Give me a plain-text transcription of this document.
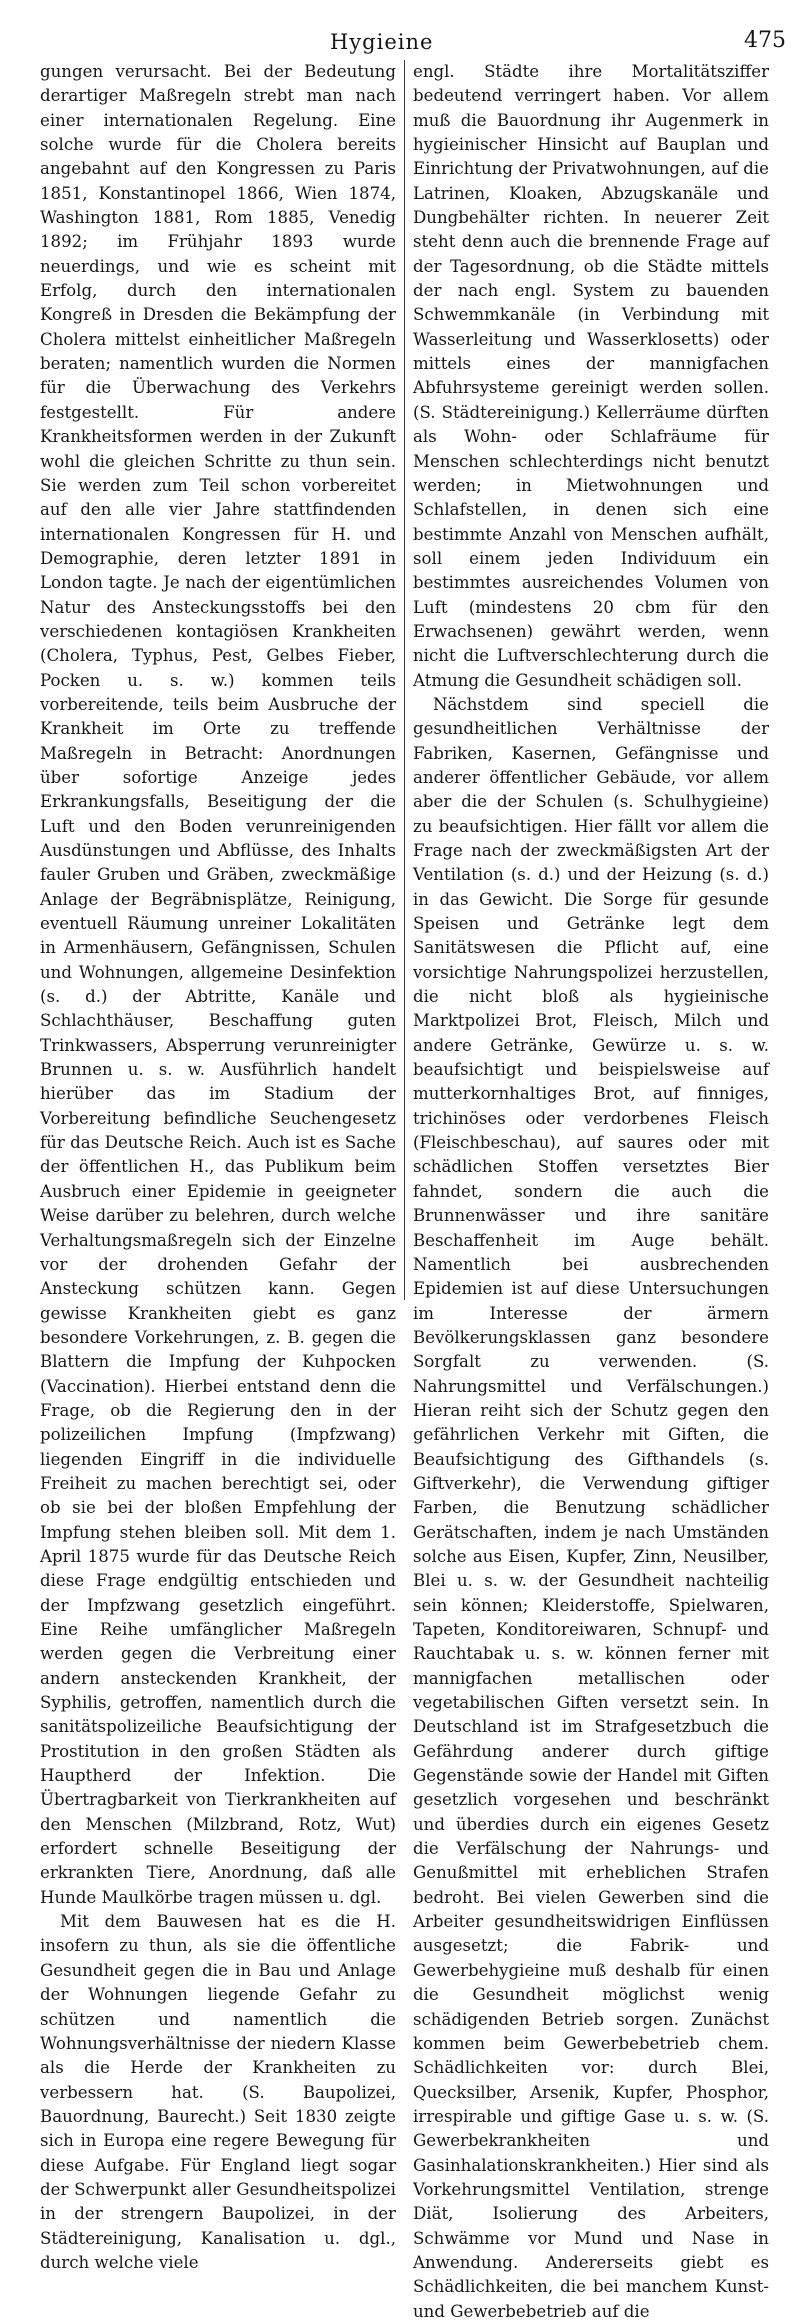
Hygieine	475

gungen verursacht. Bei der Bedeutung derartiger Maßregeln strebt man nach einer internationalen Regelung. Eine solche wurde für die Cholera bereits angebahnt auf den Kongressen zu Paris 1851, Konstantinopel 1866, Wien 1874, Washington 1881, Rom 1885, Venedig 1892; im Frühjahr 1893 wurde neuerdings, und wie es scheint mit Erfolg, durch den internationalen Kongreß in Dresden die Bekämpfung der Cholera mittelst einheitlicher Maßregeln beraten; namentlich wurden die Normen für die Überwachung des Verkehrs festgestellt. Für andere Krankheitsformen werden in der Zukunft wohl die gleichen Schritte zu thun sein. Sie werden zum Teil schon vorbereitet auf den alle vier Jahre stattfindenden internationalen Kongressen für H. und Demographie, deren letzter 1891 in London tagte. Je nach der eigentümlichen Natur des Ansteckungsstoffs bei den verschiedenen kontagiösen Krankheiten (Cholera, Typhus, Pest, Gelbes Fieber, Pocken u. s. w.) kommen teils vorbereitende, teils beim Ausbruche der Krankheit im Orte zu treffende Maßregeln in Betracht: Anordnungen über sofortige Anzeige jedes Erkrankungsfalls, Beseitigung der die Luft und den Boden verunreinigenden Ausdünstungen und Abflüsse, des Inhalts fauler Gruben und Gräben, zweckmäßige Anlage der Begräbnisplätze, Reinigung, eventuell Räumung unreiner Lokalitäten in Armenhäusern, Gefängnissen, Schulen und Wohnungen, allgemeine Desinfektion (s. d.) der Abtritte, Kanäle und Schlachthäuser, Beschaffung guten Trinkwassers, Absperrung verunreinigter Brunnen u. s. w. Ausführlich handelt hierüber das im Stadium der Vorbereitung befindliche Seuchengesetz für das Deutsche Reich. Auch ist es Sache der öffentlichen H., das Publikum beim Ausbruch einer Epidemie in geeigneter Weise darüber zu belehren, durch welche Verhaltungsmaßregeln sich der Einzelne vor der drohenden Gefahr der Ansteckung schützen kann. Gegen gewisse Krankheiten giebt es ganz besondere Vorkehrungen, z. B. gegen die Blattern die Impfung der Kuhpocken (Vaccination). Hierbei entstand denn die Frage, ob die Regierung den in der polizeilichen Impfung (Impfzwang) liegenden Eingriff in die individuelle Freiheit zu machen berechtigt sei, oder ob sie bei der bloßen Empfehlung der Impfung stehen bleiben soll. Mit dem 1. April 1875 wurde für das Deutsche Reich diese Frage endgültig entschieden und der Impfzwang gesetzlich eingeführt. Eine Reihe umfänglicher Maßregeln werden gegen die Verbreitung einer andern ansteckenden Krankheit, der Syphilis, getroffen, namentlich durch die sanitätspolizeiliche Beaufsichtigung der Prostitution in den großen Städten als Hauptherd der Infektion. Die Übertragbarkeit von Tierkrankheiten auf den Menschen (Milzbrand, Rotz, Wut) erfordert schnelle Beseitigung der erkrankten Tiere, Anordnung, daß alle Hunde Maulkörbe tragen müssen u. dgl.

Mit dem Bauwesen hat es die H. insofern zu thun, als sie die öffentliche Gesundheit gegen die in Bau und Anlage der Wohnungen liegende Gefahr zu schützen und namentlich die Wohnungsverhältnisse der niedern Klasse als die Herde der Krankheiten zu verbessern hat. (S. Baupolizei, Bauordnung, Baurecht.) Seit 1830 zeigte sich in Europa eine regere Bewegung für diese Aufgabe. Für England liegt sogar der Schwerpunkt aller Gesundheitspolizei in der strengern Baupolizei, in der Städtereinigung, Kanalisation u. dgl., durch welche viele

engl. Städte ihre Mortalitätsziffer bedeutend verringert haben. Vor allem muß die Bauordnung ihr Augenmerk in hygieinischer Hinsicht auf Bauplan und Einrichtung der Privatwohnungen, auf die Latrinen, Kloaken, Abzugskanäle und Dungbehälter richten. In neuerer Zeit steht denn auch die brennende Frage auf der Tagesordnung, ob die Städte mittels der nach engl. System zu bauenden Schwemmkanäle (in Verbindung mit Wasserleitung und Wasserklosetts) oder mittels eines der mannigfachen Abfuhrsysteme gereinigt werden sollen. (S. Städtereinigung.) Kellerräume dürften als Wohn- oder Schlafräume für Menschen schlechterdings nicht benutzt werden; in Mietwohnungen und Schlafstellen, in denen sich eine bestimmte Anzahl von Menschen aufhält, soll einem jeden Individuum ein bestimmtes ausreichendes Volumen von Luft (mindestens 20 cbm für den Erwachsenen) gewährt werden, wenn nicht die Luftverschlechterung durch die Atmung die Gesundheit schädigen soll.

Nächstdem sind speciell die gesundheitlichen Verhältnisse der Fabriken, Kasernen, Gefängnisse und anderer öffentlicher Gebäude, vor allem aber die der Schulen (s. Schulhygieine) zu beaufsichtigen. Hier fällt vor allem die Frage nach der zweckmäßigsten Art der Ventilation (s. d.) und der Heizung (s. d.) in das Gewicht. Die Sorge für gesunde Speisen und Getränke legt dem Sanitätswesen die Pflicht auf, eine vorsichtige Nahrungspolizei herzustellen, die nicht bloß als hygieinische Marktpolizei Brot, Fleisch, Milch und andere Getränke, Gewürze u. s. w. beaufsichtigt und beispielsweise auf mutterkornhaltiges Brot, auf finniges, trichinöses oder verdorbenes Fleisch (Fleischbeschau), auf saures oder mit schädlichen Stoffen versetztes Bier fahndet, sondern die auch die Brunnenwässer und ihre sanitäre Beschaffenheit im Auge behält. Namentlich bei ausbrechenden Epidemien ist auf diese Untersuchungen im Interesse der ärmern Bevölkerungsklassen ganz besondere Sorgfalt zu verwenden. (S. Nahrungsmittel und Verfälschungen.) Hieran reiht sich der Schutz gegen den gefährlichen Verkehr mit Giften, die Beaufsichtigung des Gifthandels (s. Giftverkehr), die Verwendung giftiger Farben, die Benutzung schädlicher Gerätschaften, indem je nach Umständen solche aus Eisen, Kupfer, Zinn, Neusilber, Blei u. s. w. der Gesundheit nachteilig sein können; Kleiderstoffe, Spielwaren, Tapeten, Konditoreiwaren, Schnupf- und Rauchtabak u. s. w. können ferner mit mannigfachen metallischen oder vegetabilischen Giften versetzt sein. In Deutschland ist im Strafgesetzbuch die Gefährdung anderer durch giftige Gegenstände sowie der Handel mit Giften gesetzlich vorgesehen und beschränkt und überdies durch ein eigenes Gesetz die Verfälschung der Nahrungs- und Genußmittel mit erheblichen Strafen bedroht. Bei vielen Gewerben sind die Arbeiter gesundheitswidrigen Einflüssen ausgesetzt; die Fabrik- und Gewerbehygieine muß deshalb für einen die Gesundheit möglichst wenig schädigenden Betrieb sorgen. Zunächst kommen beim Gewerbebetrieb chem. Schädlichkeiten vor: durch Blei, Quecksilber, Arsenik, Kupfer, Phosphor, irrespirable und giftige Gase u. s. w. (S. Gewerbekrankheiten und Gasinhalationskrankheiten.) Hier sind als Vorkehrungsmittel Ventilation, strenge Diät, Isolierung des Arbeiters, Schwämme vor Mund und Nase in Anwendung. Andererseits giebt es Schädlichkeiten, die bei manchem Kunst- und Gewerbebetrieb auf die
